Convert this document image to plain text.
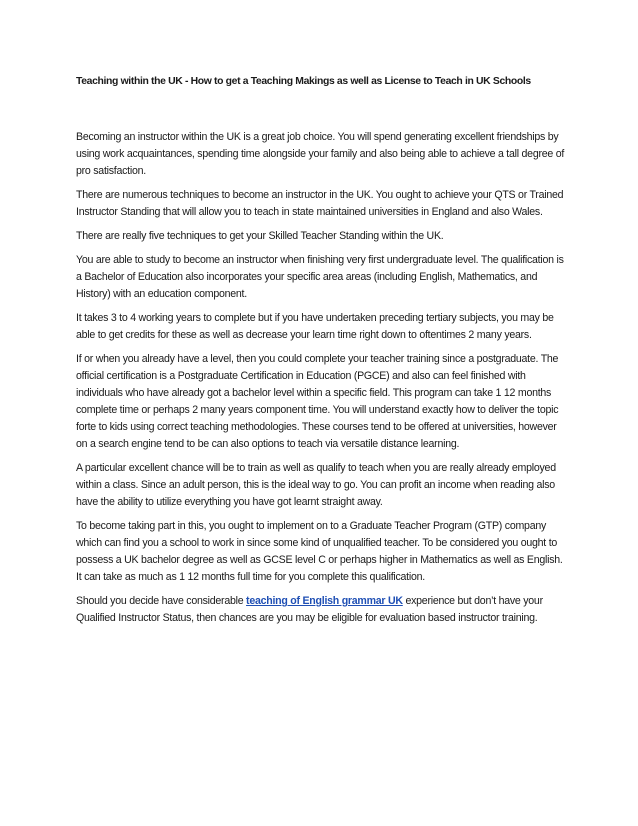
Teaching within the UK - How to get a Teaching Makings as well as License to Teach in UK Schools

Becoming an instructor within the UK is a great job choice. You will spend generating excellent friendships by using work acquaintances, spending time alongside your family and also being able to achieve a tall degree of pro satisfaction.

There are numerous techniques to become an instructor in the UK. You ought to achieve your QTS or Trained Instructor Standing that will allow you to teach in state maintained universities in England and also Wales.

There are really five techniques to get your Skilled Teacher Standing within the UK.

You are able to study to become an instructor when finishing very first undergraduate level. The qualification is a Bachelor of Education also incorporates your specific area areas (including English, Mathematics, and History) with an education component.

It takes 3 to 4 working years to complete but if you have undertaken preceding tertiary subjects, you may be able to get credits for these as well as decrease your learn time right down to oftentimes 2 many years.

If or when you already have a level, then you could complete your teacher training since a postgraduate. The official certification is a Postgraduate Certification in Education (PGCE) and also can feel finished with individuals who have already got a bachelor level within a specific field. This program can take 1 12 months complete time or perhaps 2 many years component time. You will understand exactly how to deliver the topic forte to kids using correct teaching methodologies. These courses tend to be offered at universities, however on a search engine tend to be can also options to teach via versatile distance learning.

A particular excellent chance will be to train as well as qualify to teach when you are really already employed within a class. Since an adult person, this is the ideal way to go. You can profit an income when reading also have the ability to utilize everything you have got learnt straight away.

To become taking part in this, you ought to implement on to a Graduate Teacher Program (GTP) company which can find you a school to work in since some kind of unqualified teacher. To be considered you ought to possess a UK bachelor degree as well as GCSE level C or perhaps higher in Mathematics as well as English. It can take as much as 1 12 months full time for you complete this qualification.

Should you decide have considerable teaching of English grammar UK experience but don’t have your Qualified Instructor Status, then chances are you may be eligible for evaluation based instructor training.
